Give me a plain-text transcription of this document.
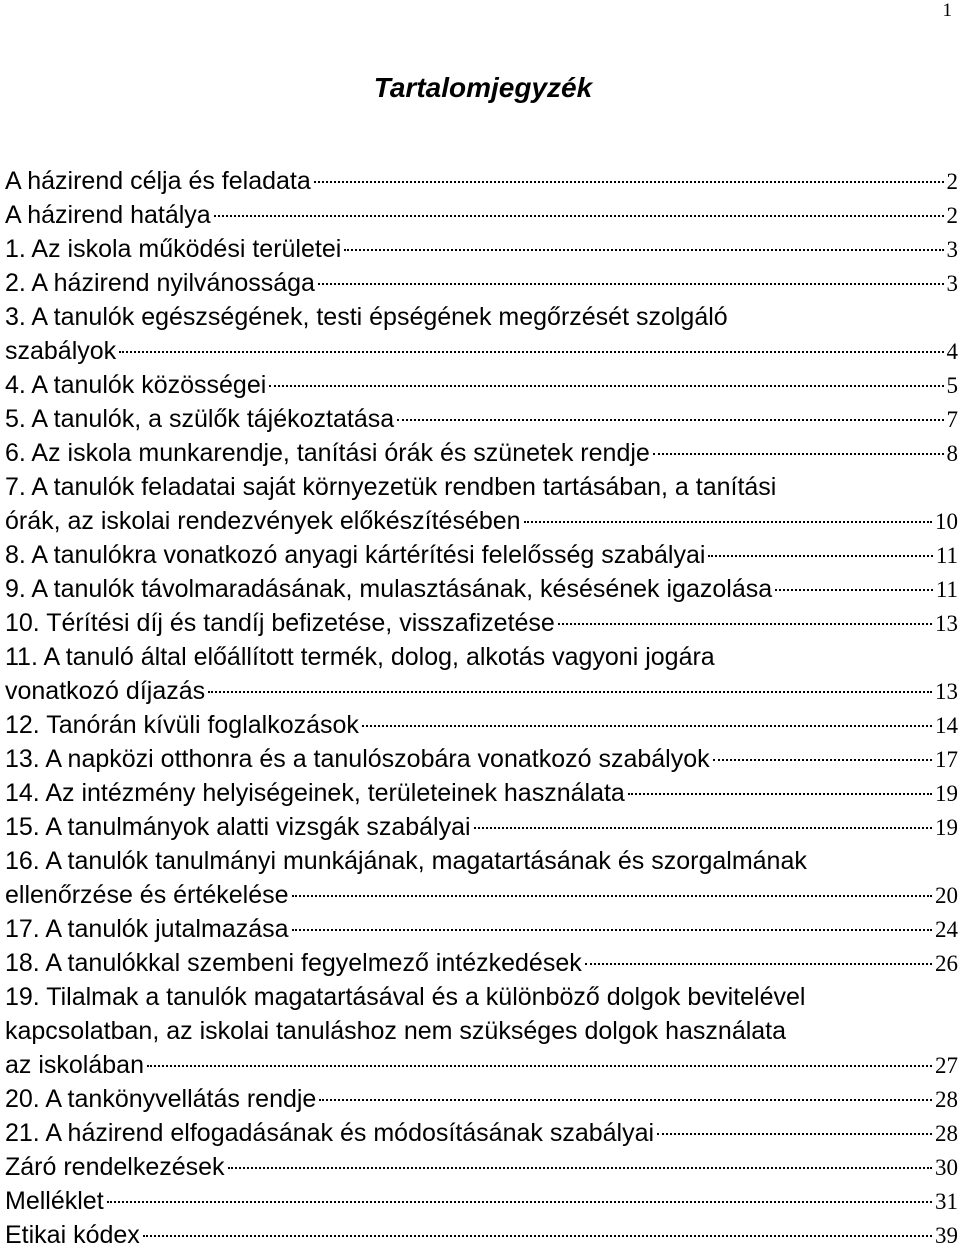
1
Tartalomjegyzék
A házirend célja és feladata	2
A házirend hatálya	2
1. Az iskola működési területei	3
2. A házirend nyilvánossága	3
3. A tanulók egészségének, testi épségének megőrzését szolgáló
szabályok	4
4. A tanulók közösségei	5
5. A tanulók, a szülők tájékoztatása	7
6. Az iskola munkarendje, tanítási órák és szünetek rendje	8
7. A tanulók feladatai saját környezetük rendben tartásában, a tanítási
órák, az iskolai rendezvények előkészítésében	10
8. A tanulókra vonatkozó anyagi kártérítési felelősség szabályai	11
9. A tanulók távolmaradásának, mulasztásának, késésének igazolása	11
10. Térítési díj és tandíj befizetése, visszafizetése	13
11. A tanuló által előállított termék, dolog, alkotás vagyoni jogára
vonatkozó díjazás	13
12. Tanórán kívüli foglalkozások	14
13. A napközi otthonra és a tanulószobára vonatkozó szabályok	17
14. Az intézmény helyiségeinek, területeinek használata	19
15. A tanulmányok alatti vizsgák szabályai	19
16. A tanulók tanulmányi munkájának, magatartásának és szorgalmának
ellenőrzése és értékelése	20
17. A tanulók jutalmazása	24
18. A tanulókkal szembeni fegyelmező intézkedések	26
19. Tilalmak a tanulók magatartásával és a különböző dolgok bevitelével
kapcsolatban, az iskolai tanuláshoz nem szükséges dolgok használata
az iskolában	27
20. A tankönyvellátás rendje	28
21. A házirend elfogadásának és módosításának szabályai	28
Záró rendelkezések	30
Melléklet	31
Etikai kódex	39
